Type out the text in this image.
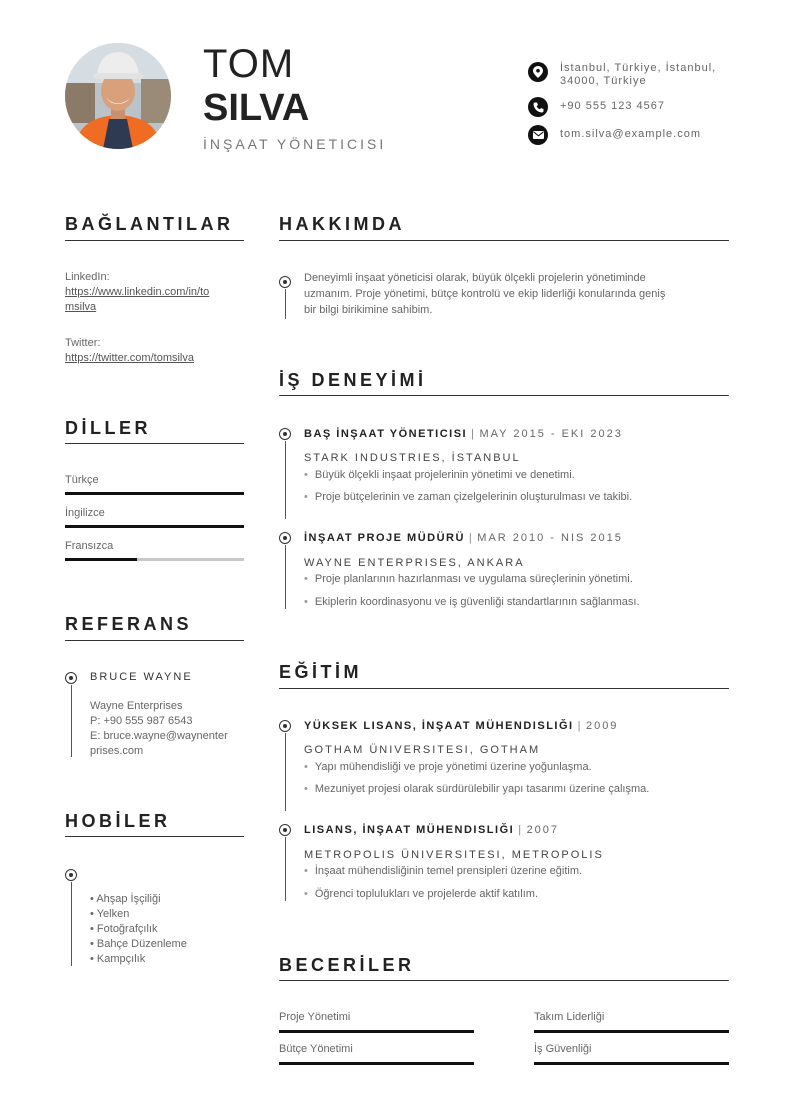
TOM
SILVA
İNŞAAT YÖNETICISI
İstanbul, Türkiye, İstanbul,
34000, Türkiye
+90 555 123 4567
tom.silva@example.com
BAĞLANTILAR
LinkedIn:
https://www.linkedin.com/in/to
msilva
Twitter:
https://twitter.com/tomsilva
DİLLER
Türkçe
İngilizce
Fransızca
REFERANS
BRUCE WAYNE
Wayne Enterprises
P: +90 555 987 6543
E: bruce.wayne@waynenter
prises.com
HOBİLER
• Ahşap İşçiliği
• Yelken
• Fotoğrafçılık
• Bahçe Düzenleme
• Kampçılık
HAKKIMDA
Deneyimli inşaat yöneticisi olarak, büyük ölçekli projelerin yönetiminde
uzmanım. Proje yönetimi, bütçe kontrolü ve ekip liderliği konularında geniş
bir bilgi birikimine sahibim.
İŞ DENEYİMİ
BAŞ İNŞAAT YÖNETICISI | MAY 2015 - EKI 2023
STARK INDUSTRIES, İSTANBUL
• Büyük ölçekli inşaat projelerinin yönetimi ve denetimi.
• Proje bütçelerinin ve zaman çizelgelerinin oluşturulması ve takibi.
İNŞAAT PROJE MÜDÜRÜ | MAR 2010 - NIS 2015
WAYNE ENTERPRISES, ANKARA
• Proje planlarının hazırlanması ve uygulama süreçlerinin yönetimi.
• Ekiplerin koordinasyonu ve iş güvenliği standartlarının sağlanması.
EĞİTİM
YÜKSEK LISANS, İNŞAAT MÜHENDISLIĞI | 2009
GOTHAM ÜNIVERSITESI, GOTHAM
• Yapı mühendisliği ve proje yönetimi üzerine yoğunlaşma.
• Mezuniyet projesi olarak sürdürülebilir yapı tasarımı üzerine çalışma.
LISANS, İNŞAAT MÜHENDISLIĞI | 2007
METROPOLIS ÜNIVERSITESI, METROPOLIS
• İnşaat mühendisliğinin temel prensipleri üzerine eğitim.
• Öğrenci toplulukları ve projelerde aktif katılım.
BECERİLER
Proje Yönetimi	Takım Liderliği
Bütçe Yönetimi	İş Güvenliği
